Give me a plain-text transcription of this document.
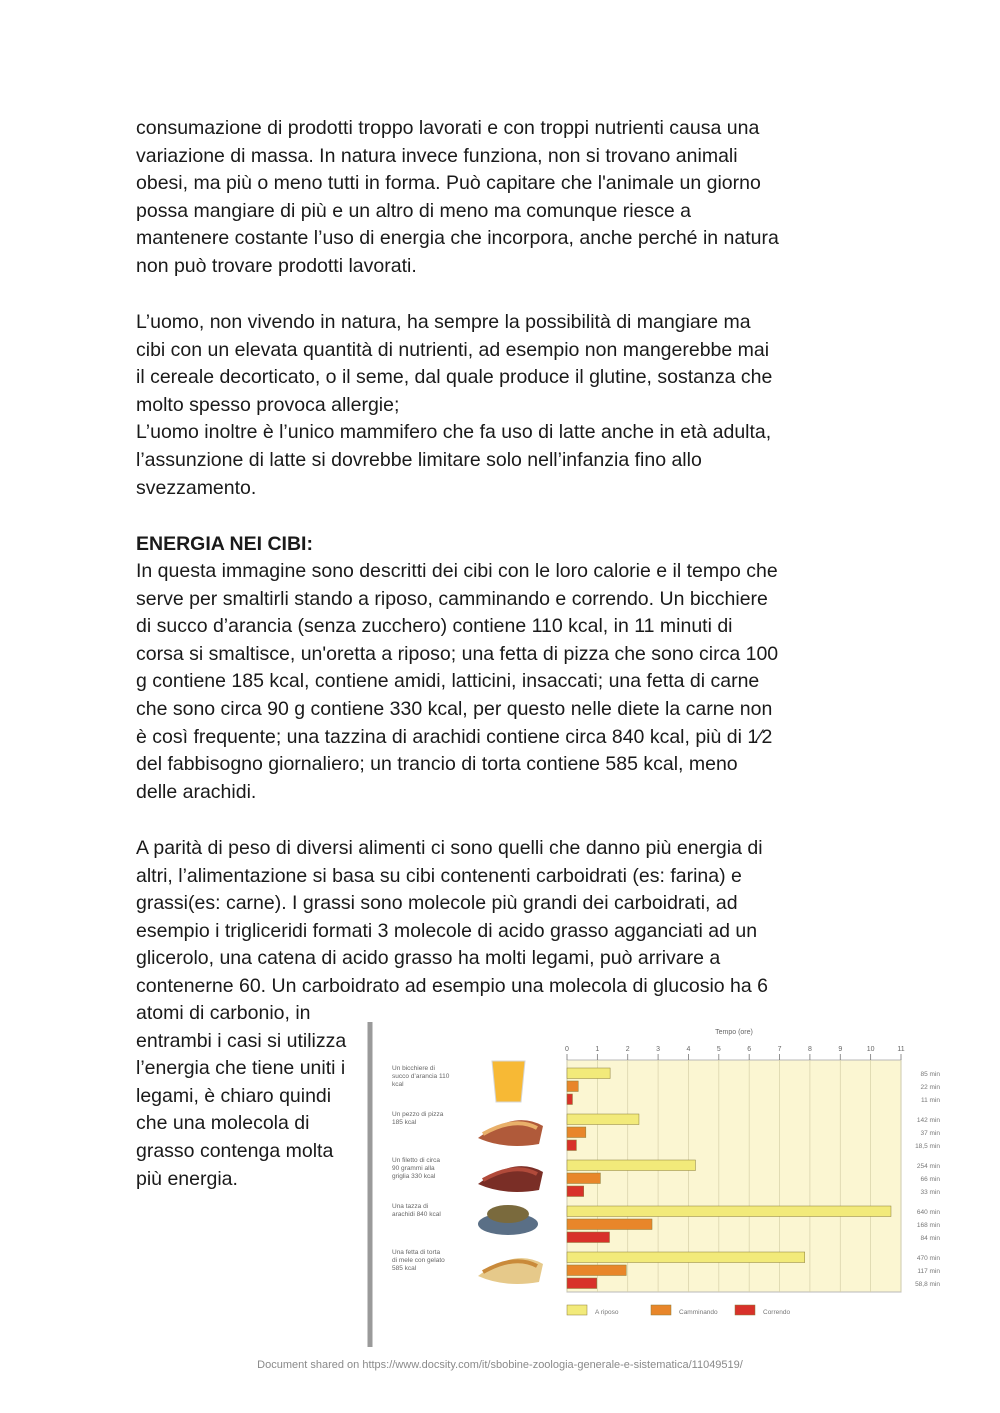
consumazione di prodotti troppo lavorati e con troppi nutrienti causa una
variazione di massa. In natura invece funziona, non si trovano animali
obesi, ma più o meno tutti in forma. Può capitare che l'animale un giorno
possa mangiare di più e un altro di meno ma comunque riesce a
mantenere costante l’uso di energia che incorpora, anche perché in natura
non può trovare prodotti lavorati.
L’uomo, non vivendo in natura, ha sempre la possibilità di mangiare ma
cibi con un elevata quantità di nutrienti, ad esempio non mangerebbe mai
il cereale decorticato, o il seme, dal quale produce il glutine, sostanza che
molto spesso provoca allergie;
L’uomo inoltre è l’unico mammifero che fa uso di latte anche in età adulta,
l’assunzione di latte si dovrebbe limitare solo nell’infanzia fino allo
svezzamento.
ENERGIA NEI CIBI:
In questa immagine sono descritti dei cibi con le loro calorie e il tempo che
serve per smaltirli stando a riposo, camminando e correndo. Un bicchiere
di succo d’arancia (senza zucchero) contiene 110 kcal, in 11 minuti di
corsa si smaltisce, un'oretta a riposo; una fetta di pizza che sono circa 100
g contiene 185 kcal, contiene amidi, latticini, insaccati; una fetta di carne
che sono circa 90 g contiene 330 kcal, per questo nelle diete la carne non
è così frequente; una tazzina di arachidi contiene circa 840 kcal, più di 1⁄2
del fabbisogno giornaliero; un trancio di torta contiene 585 kcal, meno
delle arachidi.
A parità di peso di diversi alimenti ci sono quelli che danno più energia di
altri, l’alimentazione si basa su cibi contenenti carboidrati (es: farina) e
grassi(es: carne). I grassi sono molecole più grandi dei carboidrati, ad
esempio i trigliceridi formati 3 molecole di acido grasso agganciati ad un
glicerolo, una catena di acido grasso ha molti legami, può arrivare a
contenerne 60. Un carboidrato ad esempio una molecola di glucosio ha 6
atomi di carbonio, in
entrambi i casi si utilizza
l’energia che tiene uniti i
legami, è chiaro quindi
che una molecola di
grasso contenga molta
più energia.
Tempo (ore)
0	1	2	3	4	5	6	7	8	9	10	11
Un bicchiere di
succo d’arancia 110
kcal
85 min
22 min
11 min
Un pezzo di pizza
185 kcal	142 min
37 min
18,5 min
Un filetto di circa
90 grammi alla
griglia 330 kcal
254 min
66 min
33 min
Una tazza di
arachidi 840 kcal	640 min
168 min
84 min
Una fetta di torta
di mele con gelato
585 kcal
470 min
117 min
58,8 min
A riposo	Camminando	Correndo
Document shared on https://www.docsity.com/it/sbobine-zoologia-generale-e-sistematica/11049519/
